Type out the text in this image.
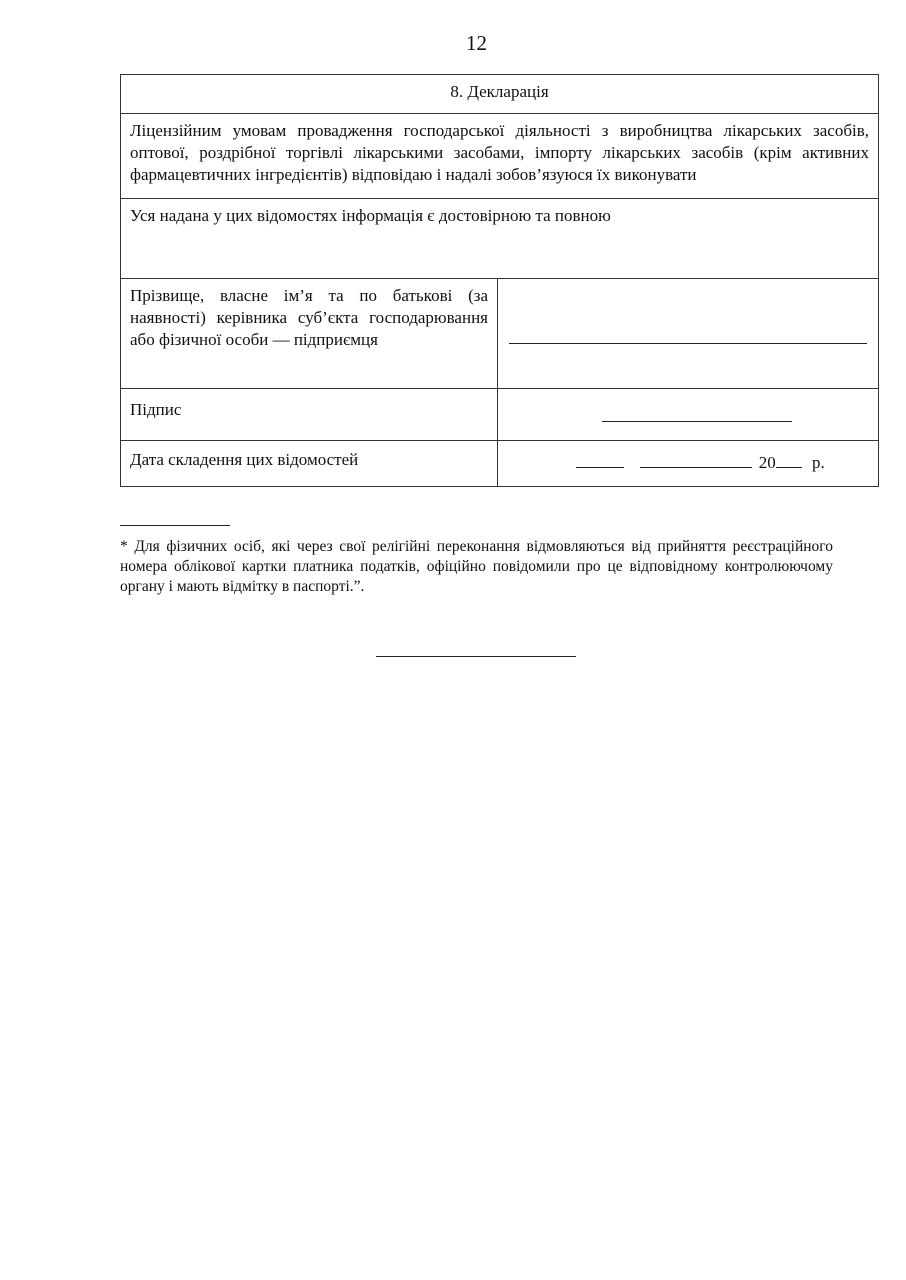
12
8. Декларація	
Ліцензійним умовам провадження господарської діяльності з виробництва лікарських засобів, оптової, роздрібної торгівлі лікарськими засобами, імпорту лікарських засобів (крім активних фармацевтичних інгредієнтів) відповідаю і надалі зобов’язуюся їх виконувати	
Уся надана у цих відомостях інформація є достовірною та повною	
Прізвище, власне ім’я та по батькові (за наявності) керівника суб’єкта господарювання або фізичної особи — підприємця	

Підпис	

Дата складення цих відомостей	20 р.
* Для фізичних осіб, які через свої релігійні переконання відмовляються від прийняття реєстраційного номера облікової картки платника податків, офіційно повідомили про це відповідному контролюючому органу і мають відмітку в паспорті.”.
